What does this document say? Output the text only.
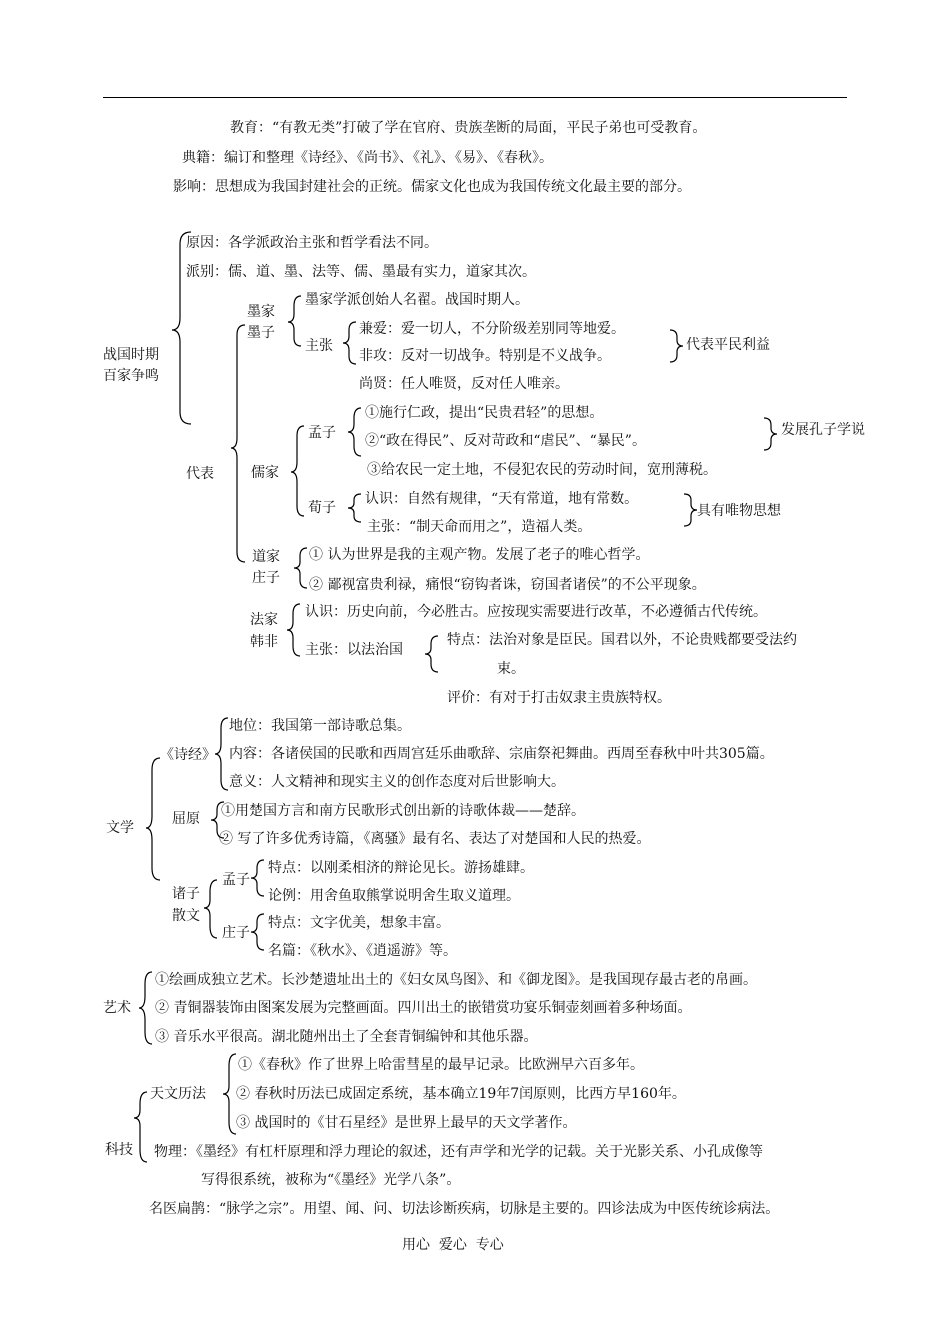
教育：“有教无类”打破了学在官府、贵族垄断的局面，平民子弟也可受教育。
典籍：编订和整理《诗经》、《尚书》、《礼》、《易》、《春秋》。
影响：思想成为我国封建社会的正统。儒家文化也成为我国传统文化最主要的部分。
战国时期
百家争鸣
原因：各学派政治主张和哲学看法不同。
派别：儒、道、墨、法等、儒、墨最有实力，道家其次。
代表
墨家
墨子
墨家学派创始人名翟。战国时期人。
主张
兼爱：爱一切人，不分阶级差别同等地爱。
非攻：反对一切战争。特别是不义战争。
尚贤：任人唯贤，反对任人唯亲。
代表平民利益
儒家
孟子
①施行仁政，提出“民贵君轻”的思想。
②“政在得民”、反对苛政和“虐民”、“暴民”。
③给农民一定土地，不侵犯农民的劳动时间，宽刑薄税。
发展孔子学说
荀子
认识：自然有规律，“天有常道，地有常数。
主张：“制天命而用之”，造福人类。
具有唯物思想
道家
庄子
① 认为世界是我的主观产物。发展了老子的唯心哲学。
② 鄙视富贵利禄，痛恨“窃钩者诛，窃国者诸侯”的不公平现象。
法家
韩非
认识：历史向前，今必胜古。应按现实需要进行改革，不必遵循古代传统。
主张：以法治国
特点：法治对象是臣民。国君以外，不论贵贱都要受法约
束。
评价：有对于打击奴隶主贵族特权。
文学
《诗经》
地位：我国第一部诗歌总集。
内容：各诸侯国的民歌和西周宫廷乐曲歌辞、宗庙祭祀舞曲。西周至春秋中叶共305篇。
意义：人文精神和现实主义的创作态度对后世影响大。
屈原 ①用楚国方言和南方民歌形式创出新的诗歌体裁——楚辞。
② 写了许多优秀诗篇，《离骚》最有名、表达了对楚国和人民的热爱。
诸子
散文
孟子
特点：以刚柔相济的辩论见长。游扬雄肆。
论例：用舍鱼取熊掌说明舍生取义道理。
庄子
特点：文字优美，想象丰富。
名篇：《秋水》、《逍遥游》等。
艺术
①绘画成独立艺术。长沙楚遗址出土的《妇女凤鸟图》、和《御龙图》。是我国现存最古老的帛画。
② 青铜器装饰由图案发展为完整画面。四川出土的嵌错赏功宴乐铜壶刻画着多种场面。
③ 音乐水平很高。湖北随州出土了全套青铜编钟和其他乐器。
科技
天文历法
①《春秋》作了世界上哈雷彗星的最早记录。比欧洲早六百多年。
② 春秋时历法已成固定系统，基本确立19年7闰原则，比西方早160年。
③ 战国时的《甘石星经》是世界上最早的天文学著作。
物理：《墨经》有杠杆原理和浮力理论的叙述，还有声学和光学的记载。关于光影关系、小孔成像等
写得很系统，被称为“《墨经》光学八条”。
名医扁鹊：“脉学之宗”。用望、闻、问、切法诊断疾病，切脉是主要的。四诊法成为中医传统诊病法。
用心  爱心  专心
